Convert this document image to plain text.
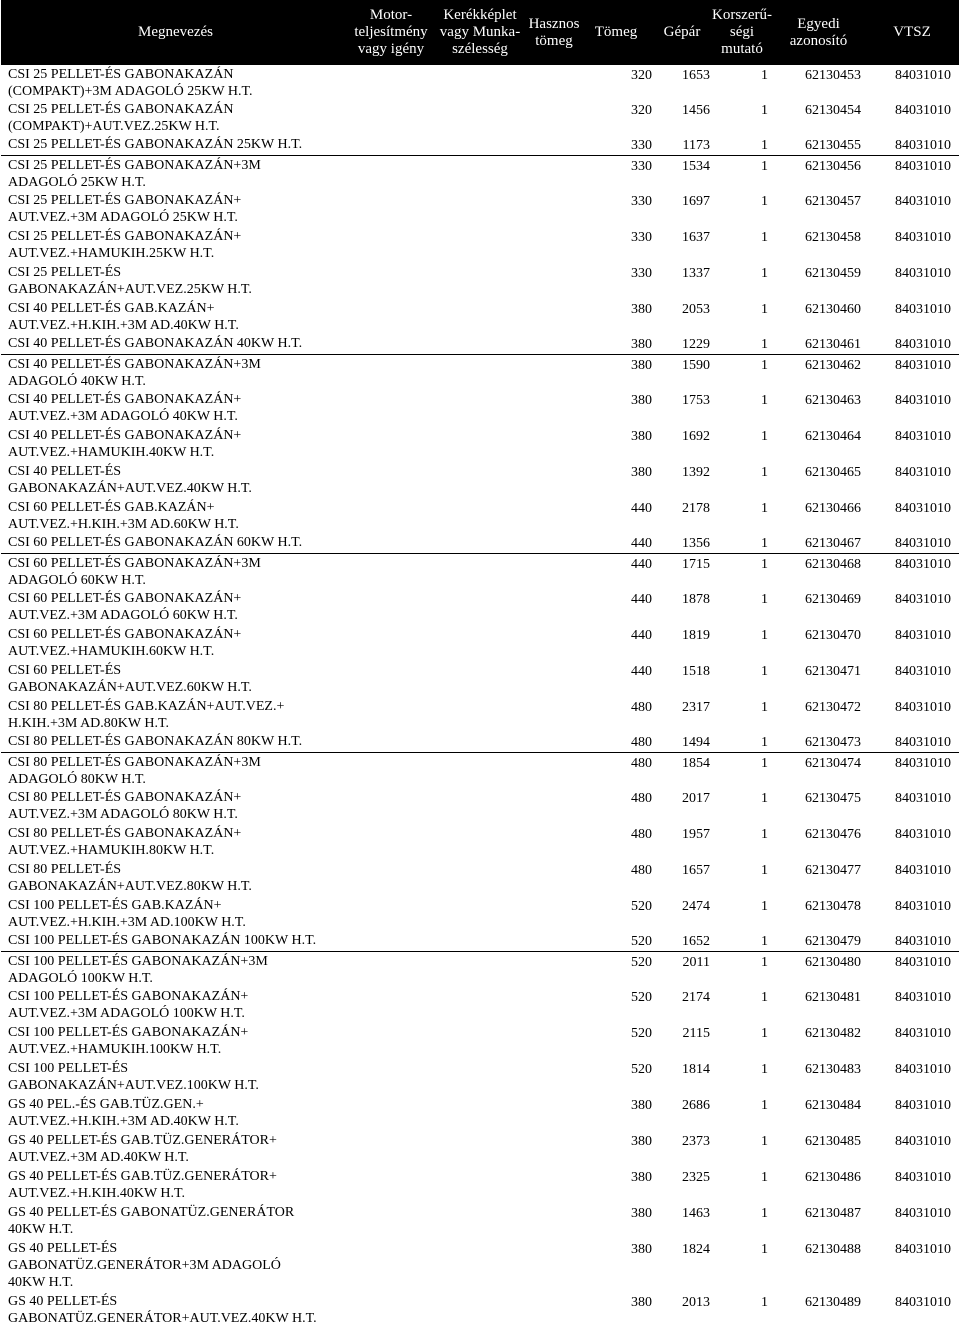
Megnevezés	Motor-
teljesítmény
vagy igény	Kerékképlet
vagy Munka-
szélesség	Hasznos
tömeg	Tömeg	Gépár	Korszerű-
ségi
mutató	Egyedi
azonosító	VTSZ
CSI 25 PELLET-ÉS GABONAKAZÁN
(COMPAKT)+3M ADAGOLÓ 25KW H.T.				320	1653	1	62130453	84031010
CSI 25 PELLET-ÉS GABONAKAZÁN
(COMPAKT)+AUT.VEZ.25KW H.T.				320	1456	1	62130454	84031010
CSI 25 PELLET-ÉS GABONAKAZÁN 25KW H.T.				330	1173	1	62130455	84031010
CSI 25 PELLET-ÉS GABONAKAZÁN+3M
ADAGOLÓ 25KW H.T.				330	1534	1	62130456	84031010
CSI 25 PELLET-ÉS GABONAKAZÁN+
AUT.VEZ.+3M ADAGOLÓ 25KW H.T.				330	1697	1	62130457	84031010
CSI 25 PELLET-ÉS GABONAKAZÁN+
AUT.VEZ.+HAMUKIH.25KW H.T.				330	1637	1	62130458	84031010
CSI 25 PELLET-ÉS
GABONAKAZÁN+AUT.VEZ.25KW H.T.				330	1337	1	62130459	84031010
CSI 40 PELLET-ÉS GAB.KAZÁN+
AUT.VEZ.+H.KIH.+3M AD.40KW H.T.				380	2053	1	62130460	84031010
CSI 40 PELLET-ÉS GABONAKAZÁN 40KW H.T.				380	1229	1	62130461	84031010
CSI 40 PELLET-ÉS GABONAKAZÁN+3M
ADAGOLÓ 40KW H.T.				380	1590	1	62130462	84031010
CSI 40 PELLET-ÉS GABONAKAZÁN+
AUT.VEZ.+3M ADAGOLÓ 40KW H.T.				380	1753	1	62130463	84031010
CSI 40 PELLET-ÉS GABONAKAZÁN+
AUT.VEZ.+HAMUKIH.40KW H.T.				380	1692	1	62130464	84031010
CSI 40 PELLET-ÉS
GABONAKAZÁN+AUT.VEZ.40KW H.T.				380	1392	1	62130465	84031010
CSI 60 PELLET-ÉS GAB.KAZÁN+
AUT.VEZ.+H.KIH.+3M AD.60KW H.T.				440	2178	1	62130466	84031010
CSI 60 PELLET-ÉS GABONAKAZÁN 60KW H.T.				440	1356	1	62130467	84031010
CSI 60 PELLET-ÉS GABONAKAZÁN+3M
ADAGOLÓ 60KW H.T.				440	1715	1	62130468	84031010
CSI 60 PELLET-ÉS GABONAKAZÁN+
AUT.VEZ.+3M ADAGOLÓ 60KW H.T.				440	1878	1	62130469	84031010
CSI 60 PELLET-ÉS GABONAKAZÁN+
AUT.VEZ.+HAMUKIH.60KW H.T.				440	1819	1	62130470	84031010
CSI 60 PELLET-ÉS
GABONAKAZÁN+AUT.VEZ.60KW H.T.				440	1518	1	62130471	84031010
CSI 80 PELLET-ÉS GAB.KAZÁN+AUT.VEZ.+
H.KIH.+3M AD.80KW H.T.				480	2317	1	62130472	84031010
CSI 80 PELLET-ÉS GABONAKAZÁN 80KW H.T.				480	1494	1	62130473	84031010
CSI 80 PELLET-ÉS GABONAKAZÁN+3M
ADAGOLÓ 80KW H.T.				480	1854	1	62130474	84031010
CSI 80 PELLET-ÉS GABONAKAZÁN+
AUT.VEZ.+3M ADAGOLÓ 80KW H.T.				480	2017	1	62130475	84031010
CSI 80 PELLET-ÉS GABONAKAZÁN+
AUT.VEZ.+HAMUKIH.80KW H.T.				480	1957	1	62130476	84031010
CSI 80 PELLET-ÉS
GABONAKAZÁN+AUT.VEZ.80KW H.T.				480	1657	1	62130477	84031010
CSI 100 PELLET-ÉS GAB.KAZÁN+
AUT.VEZ.+H.KIH.+3M AD.100KW H.T.				520	2474	1	62130478	84031010
CSI 100 PELLET-ÉS GABONAKAZÁN 100KW H.T.				520	1652	1	62130479	84031010
CSI 100 PELLET-ÉS GABONAKAZÁN+3M
ADAGOLÓ 100KW H.T.				520	2011	1	62130480	84031010
CSI 100 PELLET-ÉS GABONAKAZÁN+
AUT.VEZ.+3M ADAGOLÓ 100KW H.T.				520	2174	1	62130481	84031010
CSI 100 PELLET-ÉS GABONAKAZÁN+
AUT.VEZ.+HAMUKIH.100KW H.T.				520	2115	1	62130482	84031010
CSI 100 PELLET-ÉS
GABONAKAZÁN+AUT.VEZ.100KW H.T.				520	1814	1	62130483	84031010
GS 40 PEL.-ÉS GAB.TÜZ.GEN.+
AUT.VEZ.+H.KIH.+3M AD.40KW H.T.				380	2686	1	62130484	84031010
GS 40 PELLET-ÉS GAB.TÜZ.GENERÁTOR+
AUT.VEZ.+3M AD.40KW H.T.				380	2373	1	62130485	84031010
GS 40 PELLET-ÉS GAB.TÜZ.GENERÁTOR+
AUT.VEZ.+H.KIH.40KW H.T.				380	2325	1	62130486	84031010
GS 40 PELLET-ÉS GABONATÜZ.GENERÁTOR
40KW H.T.				380	1463	1	62130487	84031010
GS 40 PELLET-ÉS
GABONATÜZ.GENERÁTOR+3M ADAGOLÓ
40KW H.T.				380	1824	1	62130488	84031010
GS 40 PELLET-ÉS
GABONATÜZ.GENERÁTOR+AUT.VEZ.40KW H.T.				380	2013	1	62130489	84031010
